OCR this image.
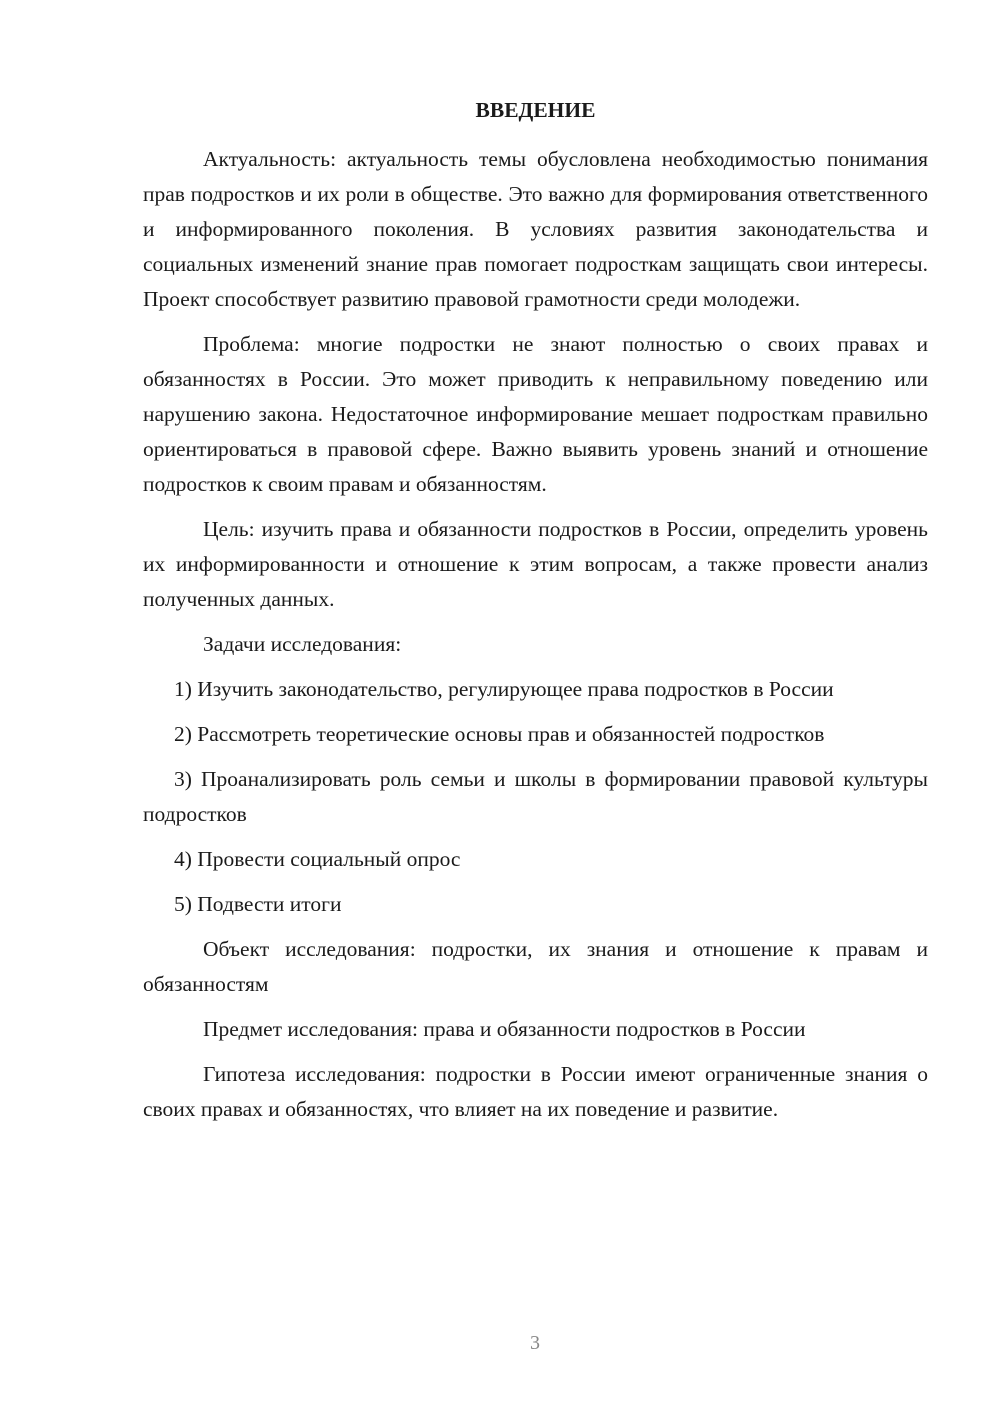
ВВЕДЕНИЕ

Актуальность: актуальность темы обусловлена необходимостью понимания прав подростков и их роли в обществе. Это важно для формирования ответственного и информированного поколения. В условиях развития законодательства и социальных изменений знание прав помогает подросткам защищать свои интересы. Проект способствует развитию правовой грамотности среди молодежи.

Проблема: многие подростки не знают полностью о своих правах и обязанностях в России. Это может приводить к неправильному поведению или нарушению закона. Недостаточное информирование мешает подросткам правильно ориентироваться в правовой сфере. Важно выявить уровень знаний и отношение подростков к своим правам и обязанностям.

Цель: изучить права и обязанности подростков в России, определить уровень их информированности и отношение к этим вопросам, а также провести анализ полученных данных.

Задачи исследования:

1) Изучить законодательство, регулирующее права подростков в России

2) Рассмотреть теоретические основы прав и обязанностей подростков

3) Проанализировать роль семьи и школы в формировании правовой культуры подростков

4) Провести социальный опрос

5) Подвести итоги

Объект исследования: подростки, их знания и отношение к правам и обязанностям

Предмет исследования: права и обязанности подростков в России

Гипотеза исследования: подростки в России имеют ограниченные знания о своих правах и обязанностях, что влияет на их поведение и развитие.

3
